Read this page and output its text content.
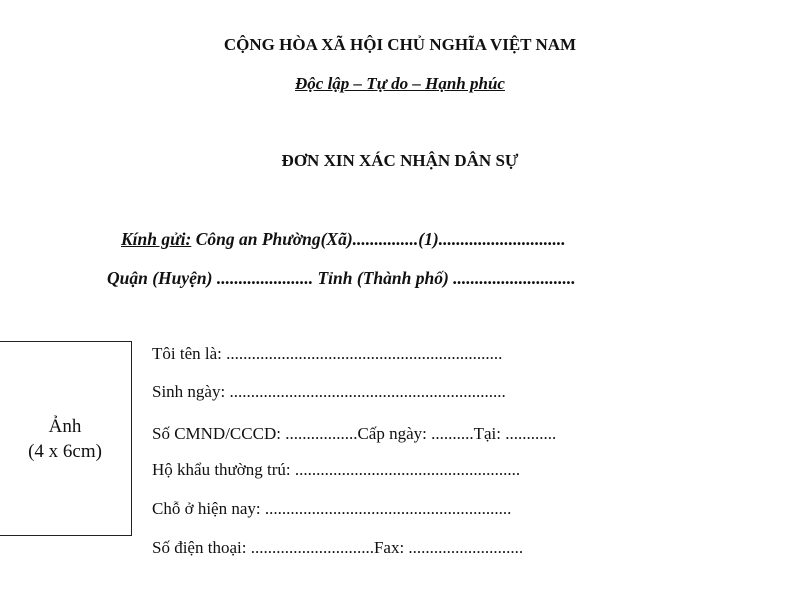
CỘNG HÒA XÃ HỘI CHỦ NGHĨA VIỆT NAM
Độc lập – Tự do – Hạnh phúc
ĐƠN XIN XÁC NHẬN DÂN SỰ
Kính gửi: Công an Phường(Xã)...............(1).............................
Quận (Huyện) ...................... Tỉnh (Thành phố) ............................
Ảnh
(4 x 6cm)
Tôi tên là: .................................................................
Sinh ngày: .................................................................
Số CMND/CCCD: .................Cấp ngày: ..........Tại: ............
Hộ khẩu thường trú: .....................................................
Chỗ ở hiện nay: ..........................................................
Số điện thoại: .............................Fax: ...........................
